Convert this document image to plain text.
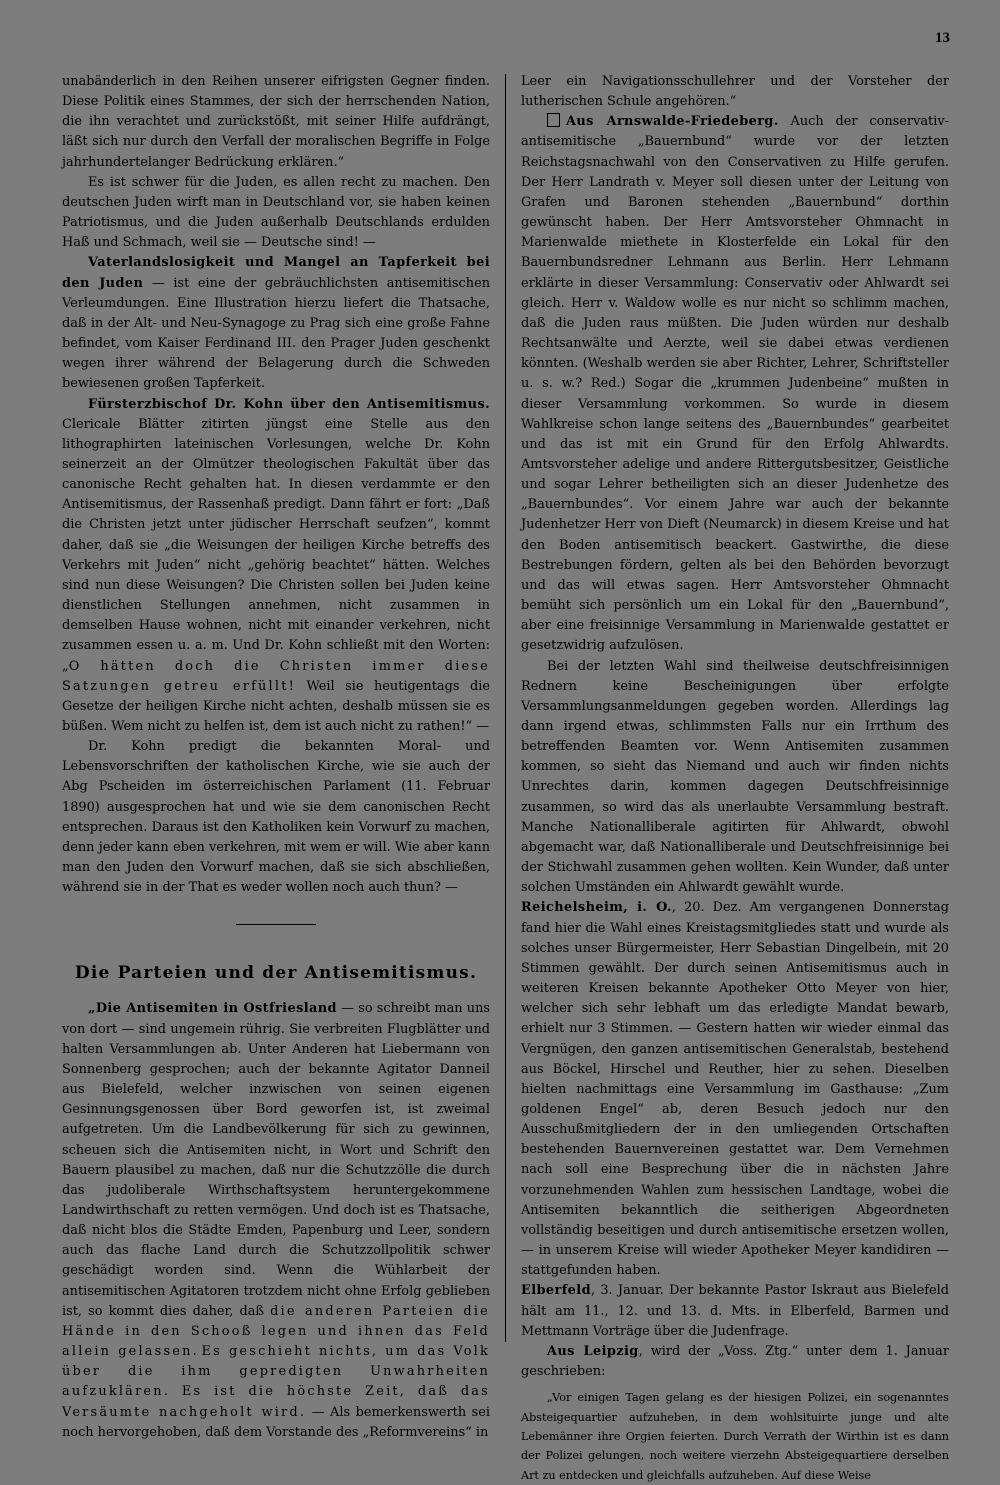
13

unabänderlich in den Reihen unserer eifrigsten Gegner finden. Diese Politik eines Stammes, der sich der herrschenden Nation, die ihn verachtet und zurückstößt, mit seiner Hilfe aufdrängt, läßt sich nur durch den Verfall der moralischen Begriffe in Folge jahrhundertelanger Bedrückung erklären.“

Es ist schwer für die Juden, es allen recht zu machen. Den deutschen Juden wirft man in Deutschland vor, sie haben keinen Patriotismus, und die Juden außerhalb Deutschlands erdulden Haß und Schmach, weil sie — Deutsche sind! —

Vaterlandslosigkeit und Mangel an Tapferkeit bei den Juden — ist eine der gebräuchlichsten antisemitischen Verleumdungen. Eine Illustration hierzu liefert die Thatsache, daß in der Alt- und Neu-Synagoge zu Prag sich eine große Fahne befindet, vom Kaiser Ferdinand III. den Prager Juden geschenkt wegen ihrer während der Belagerung durch die Schweden bewiesenen großen Tapferkeit.

Fürsterzbischof Dr. Kohn über den Antisemitismus. Clericale Blätter zitirten jüngst eine Stelle aus den lithographirten lateinischen Vorlesungen, welche Dr. Kohn seinerzeit an der Olmützer theologischen Fakultät über das canonische Recht gehalten hat. In diesen verdammte er den Antisemitismus, der Rassenhaß predigt. Dann fährt er fort: „Daß die Christen jetzt unter jüdischer Herrschaft seufzen“, kommt daher, daß sie „die Weisungen der heiligen Kirche betreffs des Verkehrs mit Juden“ nicht „gehörig beachtet“ hätten. Welches sind nun diese Weisungen? Die Christen sollen bei Juden keine dienstlichen Stellungen annehmen, nicht zusammen in demselben Hause wohnen, nicht mit einander verkehren, nicht zusammen essen u. a. m. Und Dr. Kohn schließt mit den Worten: „O hätten doch die Christen immer diese Satzungen getreu erfüllt! Weil sie heutigentags die Gesetze der heiligen Kirche nicht achten, deshalb müssen sie es büßen. Wem nicht zu helfen ist, dem ist auch nicht zu rathen!“ —

Dr. Kohn predigt die bekannten Moral- und Lebensvorschriften der katholischen Kirche, wie sie auch der Abg Pscheiden im österreichischen Parlament (11. Februar 1890) ausgesprochen hat und wie sie dem canonischen Recht entsprechen. Daraus ist den Katholiken kein Vorwurf zu machen, denn jeder kann eben verkehren, mit wem er will. Wie aber kann man den Juden den Vorwurf machen, daß sie sich abschließen, während sie in der That es weder wollen noch auch thun? —

Die Parteien und der Antisemitismus.

„Die Antisemiten in Ostfriesland — so schreibt man uns von dort — sind ungemein rührig. Sie verbreiten Flugblätter und halten Versammlungen ab. Unter Anderen hat Liebermann von Sonnenberg gesprochen; auch der bekannte Agitator Danneil aus Bielefeld, welcher inzwischen von seinen eigenen Gesinnungsgenossen über Bord geworfen ist, ist zweimal aufgetreten. Um die Landbevölkerung für sich zu gewinnen, scheuen sich die Antisemiten nicht, in Wort und Schrift den Bauern plausibel zu machen, daß nur die Schutzzölle die durch das judoliberale Wirthschaftsystem heruntergekommene Landwirthschaft zu retten vermögen. Und doch ist es Thatsache, daß nicht blos die Städte Emden, Papenburg und Leer, sondern auch das flache Land durch die Schutzzollpolitik schwer geschädigt worden sind. Wenn die Wühlarbeit der antisemitischen Agitatoren trotzdem nicht ohne Erfolg geblieben ist, so kommt dies daher, daß die anderen Parteien die Hände in den Schooß legen und ihnen das Feld allein gelassen. Es geschieht nichts, um das Volk über die ihm gepredigten Unwahrheiten aufzuklären. Es ist die höchste Zeit, daß das Versäumte nachgeholt wird. — Als bemerkenswerth sei noch hervorgehoben, daß dem Vorstande des „Reformvereins“ in

Leer ein Navigationsschullehrer und der Vorsteher der lutherischen Schule angehören.“

Aus Arnswalde-Friedeberg. Auch der conservativ-antisemitische „Bauernbund“ wurde vor der letzten Reichstagsnachwahl von den Conservativen zu Hilfe gerufen. Der Herr Landrath v. Meyer soll diesen unter der Leitung von Grafen und Baronen stehenden „Bauernbund“ dorthin gewünscht haben. Der Herr Amtsvorsteher Ohmnacht in Marienwalde miethete in Klosterfelde ein Lokal für den Bauernbundsredner Lehmann aus Berlin. Herr Lehmann erklärte in dieser Versammlung: Conservativ oder Ahlwardt sei gleich. Herr v. Waldow wolle es nur nicht so schlimm machen, daß die Juden raus müßten. Die Juden würden nur deshalb Rechtsanwälte und Aerzte, weil sie dabei etwas verdienen könnten. (Weshalb werden sie aber Richter, Lehrer, Schriftsteller u. s. w.? Red.) Sogar die „krummen Judenbeine“ mußten in dieser Versammlung vorkommen. So wurde in diesem Wahlkreise schon lange seitens des „Bauernbundes“ gearbeitet und das ist mit ein Grund für den Erfolg Ahlwardts. Amtsvorsteher adelige und andere Rittergutsbesitzer, Geistliche und sogar Lehrer betheiligten sich an dieser Judenhetze des „Bauernbundes“. Vor einem Jahre war auch der bekannte Judenhetzer Herr von Dieft (Neumarck) in diesem Kreise und hat den Boden antisemitisch beackert. Gastwirthe, die diese Bestrebungen fördern, gelten als bei den Behörden bevorzugt und das will etwas sagen. Herr Amtsvorsteher Ohmnacht bemüht sich persönlich um ein Lokal für den „Bauernbund“, aber eine freisinnige Versammlung in Marienwalde gestattet er gesetzwidrig aufzulösen.

Bei der letzten Wahl sind theilweise deutschfreisinnigen Rednern keine Bescheinigungen über erfolgte Versammlungsanmeldungen gegeben worden. Allerdings lag dann irgend etwas, schlimmsten Falls nur ein Irrthum des betreffenden Beamten vor. Wenn Antisemiten zusammen kommen, so sieht das Niemand und auch wir finden nichts Unrechtes darin, kommen dagegen Deutschfreisinnige zusammen, so wird das als unerlaubte Versammlung bestraft. Manche Nationalliberale agitirten für Ahlwardt, obwohl abgemacht war, daß Nationalliberale und Deutschfreisinnige bei der Stichwahl zusammen gehen wollten. Kein Wunder, daß unter solchen Umständen ein Ahlwardt gewählt wurde.

Reichelsheim, i. O., 20. Dez. Am vergangenen Donnerstag fand hier die Wahl eines Kreistagsmitgliedes statt und wurde als solches unser Bürgermeister, Herr Sebastian Dingelbein, mit 20 Stimmen gewählt. Der durch seinen Antisemitismus auch in weiteren Kreisen bekannte Apotheker Otto Meyer von hier, welcher sich sehr lebhaft um das erledigte Mandat bewarb, erhielt nur 3 Stimmen. — Gestern hatten wir wieder einmal das Vergnügen, den ganzen antisemitischen Generalstab, bestehend aus Böckel, Hirschel und Reuther, hier zu sehen. Dieselben hielten nachmittags eine Versammlung im Gasthause: „Zum goldenen Engel“ ab, deren Besuch jedoch nur den Ausschußmitgliedern der in den umliegenden Ortschaften bestehenden Bauernvereinen gestattet war. Dem Vernehmen nach soll eine Besprechung über die in nächsten Jahre vorzunehmenden Wahlen zum hessischen Landtage, wobei die Antisemiten bekanntlich die seitherigen Abgeordneten vollständig beseitigen und durch antisemitische ersetzen wollen, — in unserem Kreise will wieder Apotheker Meyer kandidiren — stattgefunden haben.

Elberfeld, 3. Januar. Der bekannte Pastor Iskraut aus Bielefeld hält am 11., 12. und 13. d. Mts. in Elberfeld, Barmen und Mettmann Vorträge über die Judenfrage.

Aus Leipzig, wird der „Voss. Ztg.“ unter dem 1. Januar geschrieben:

„Vor einigen Tagen gelang es der hiesigen Polizei, ein sogenanntes Absteigequartier aufzuheben, in dem wohlsituirte junge und alte Lebemänner ihre Orgien feierten. Durch Verrath der Wirthin ist es dann der Polizei gelungen, noch weitere vierzehn Absteigequartiere derselben Art zu entdecken und gleichfalls aufzuheben. Auf diese Weise
